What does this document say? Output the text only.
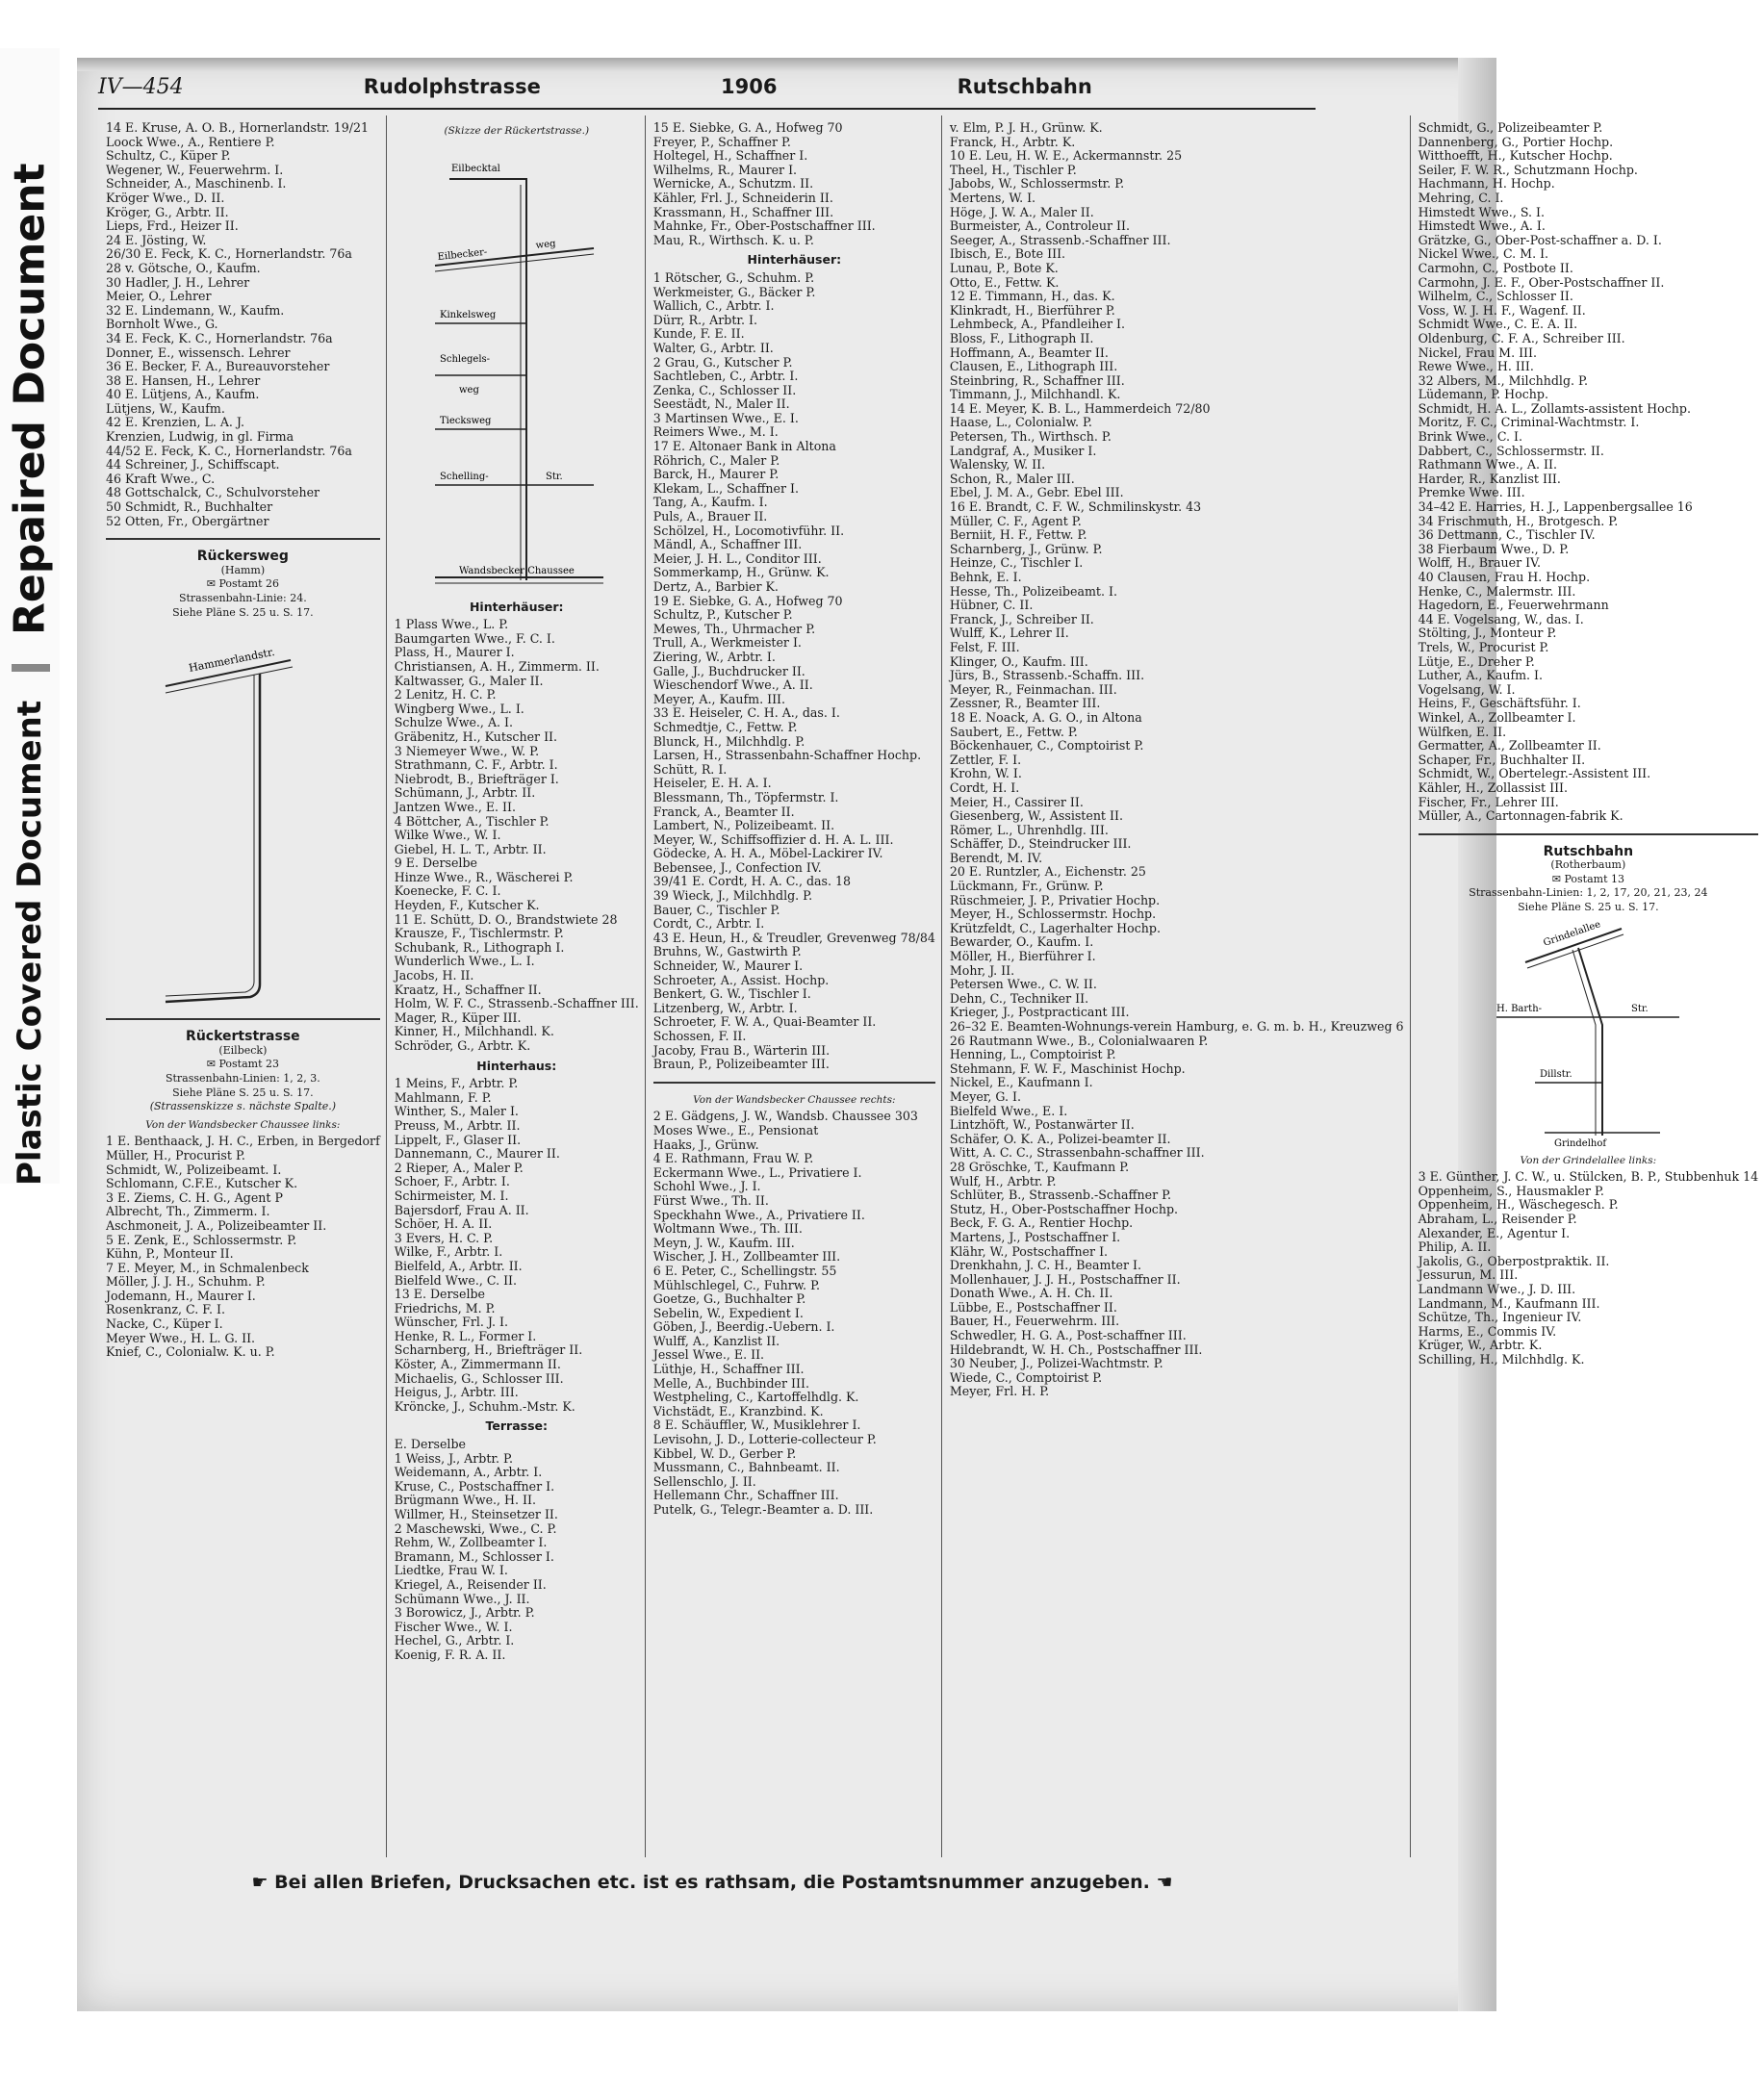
Repaired Document
Plastic Covered Document
IV—454	Rudolphstrasse	1906	Rutschbahn
14 E. Kruse, A. O. B., Hornerlandstr. 19/21
Loock Wwe., A., Rentiere P.
Schultz, C., Küper P.
Wegener, W., Feuerwehrm. I.
Schneider, A., Maschinenb. I.
Kröger Wwe., D. II.
Kröger, G., Arbtr. II.
Lieps, Frd., Heizer II.
24 E. Jösting, W.
26/30 E. Feck, K. C., Hornerlandstr. 76a
28 v. Götsche, O., Kaufm.
30 Hadler, J. H., Lehrer
Meier, O., Lehrer
32 E. Lindemann, W., Kaufm.
Bornholt Wwe., G.
34 E. Feck, K. C., Hornerlandstr. 76a
Donner, E., wissensch. Lehrer
36 E. Becker, F. A., Bureauvorsteher
38 E. Hansen, H., Lehrer
40 E. Lütjens, A., Kaufm.
Lütjens, W., Kaufm.
42 E. Krenzien, L. A. J.
Krenzien, Ludwig, in gl. Firma
44/52 E. Feck, K. C., Hornerlandstr. 76a
44 Schreiner, J., Schiffscapt.
46 Kraft Wwe., C.
48 Gottschalck, C., Schulvorsteher
50 Schmidt, R., Buchhalter
52 Otten, Fr., Obergärtner
Rückersweg
(Hamm)
✉ Postamt 26
Strassenbahn-Linie: 24.
Siehe Pläne S. 25 u. S. 17.
Hammerlandstr.
Rückertstrasse
(Eilbeck)
✉ Postamt 23
Strassenbahn-Linien: 1, 2, 3.
Siehe Pläne S. 25 u. S. 17.
(Strassenskizze s. nächste Spalte.)
Von der Wandsbecker Chaussee links:
1 E. Benthaack, J. H. C., Erben, in Bergedorf
Müller, H., Procurist P.
Schmidt, W., Polizeibeamt. I.
Schlomann, C.F.E., Kutscher K.
3 E. Ziems, C. H. G., Agent P
Albrecht, Th., Zimmerm. I.
Aschmoneit, J. A., Polizeibeamter II.
5 E. Zenk, E., Schlossermstr. P.
Kühn, P., Monteur II.
7 E. Meyer, M., in Schmalenbeck
Möller, J. J. H., Schuhm. P.
Jodemann, H., Maurer I.
Rosenkranz, C. F. I.
Nacke, C., Küper I.
Meyer Wwe., H. L. G. II.
Knief, C., Colonialw. K. u. P.
(Skizze der Rückertstrasse.)
Eilbecktal
Eilbecker-
weg
Kinkelsweg
Schlegels-
weg
Tiecksweg
Schelling-	Str.
Wandsbecker Chaussee
Hinterhäuser:
1 Plass Wwe., L. P.
Baumgarten Wwe., F. C. I.
Plass, H., Maurer I.
Christiansen, A. H., Zimmerm. II.
Kaltwasser, G., Maler II.
2 Lenitz, H. C. P.
Wingberg Wwe., L. I.
Schulze Wwe., A. I.
Gräbenitz, H., Kutscher II.
3 Niemeyer Wwe., W. P.
Strathmann, C. F., Arbtr. I.
Niebrodt, B., Briefträger I.
Schümann, J., Arbtr. II.
Jantzen Wwe., E. II.
4 Böttcher, A., Tischler P.
Wilke Wwe., W. I.
Giebel, H. L. T., Arbtr. II.
9 E. Derselbe
Hinze Wwe., R., Wäscherei P.
Koenecke, F. C. I.
Heyden, F., Kutscher K.
11 E. Schütt, D. O., Brandstwiete 28
Krausze, F., Tischlermstr. P.
Schubank, R., Lithograph I.
Wunderlich Wwe., L. I.
Jacobs, H. II.
Kraatz, H., Schaffner II.
Holm, W. F. C., Strassenb.-Schaffner III.
Mager, R., Küper III.
Kinner, H., Milchhandl. K.
Schröder, G., Arbtr. K.
Hinterhaus:
1 Meins, F., Arbtr. P.
Mahlmann, F. P.
Winther, S., Maler I.
Preuss, M., Arbtr. II.
Lippelt, F., Glaser II.
Dannemann, C., Maurer II.
2 Rieper, A., Maler P.
Schoer, F., Arbtr. I.
Schirmeister, M. I.
Bajersdorf, Frau A. II.
Schöer, H. A. II.
3 Evers, H. C. P.
Wilke, F., Arbtr. I.
Bielfeld, A., Arbtr. II.
Bielfeld Wwe., C. II.
13 E. Derselbe
Friedrichs, M. P.
Wünscher, Frl. J. I.
Henke, R. L., Former I.
Scharnberg, H., Briefträger II.
Köster, A., Zimmermann II.
Michaelis, G., Schlosser III.
Heigus, J., Arbtr. III.
Kröncke, J., Schuhm.-Mstr. K.
Terrasse:
E. Derselbe
1 Weiss, J., Arbtr. P.
Weidemann, A., Arbtr. I.
Kruse, C., Postschaffner I.
Brügmann Wwe., H. II.
Willmer, H., Steinsetzer II.
2 Maschewski, Wwe., C. P.
Rehm, W., Zollbeamter I.
Bramann, M., Schlosser I.
Liedtke, Frau W. I.
Kriegel, A., Reisender II.
Schümann Wwe., J. II.
3 Borowicz, J., Arbtr. P.
Fischer Wwe., W. I.
Hechel, G., Arbtr. I.
Koenig, F. R. A. II.
15 E. Siebke, G. A., Hofweg 70
Freyer, P., Schaffner P.
Holtegel, H., Schaffner I.
Wilhelms, R., Maurer I.
Wernicke, A., Schutzm. II.
Kähler, Frl. J., Schneiderin II.
Krassmann, H., Schaffner III.
Mahnke, Fr., Ober-Postschaffner III.
Mau, R., Wirthsch. K. u. P.
Hinterhäuser:
1 Rötscher, G., Schuhm. P.
Werkmeister, G., Bäcker P.
Wallich, C., Arbtr. I.
Dürr, R., Arbtr. I.
Kunde, F. E. II.
Walter, G., Arbtr. II.
2 Grau, G., Kutscher P.
Sachtleben, C., Arbtr. I.
Zenka, C., Schlosser II.
Seestädt, N., Maler II.
3 Martinsen Wwe., E. I.
Reimers Wwe., M. I.
17 E. Altonaer Bank in Altona
Röhrich, C., Maler P.
Barck, H., Maurer P.
Klekam, L., Schaffner I.
Tang, A., Kaufm. I.
Puls, A., Brauer II.
Schölzel, H., Locomotivführ. II.
Mändl, A., Schaffner III.
Meier, J. H. L., Conditor III.
Sommerkamp, H., Grünw. K.
Dertz, A., Barbier K.
19 E. Siebke, G. A., Hofweg 70
Schultz, P., Kutscher P.
Mewes, Th., Uhrmacher P.
Trull, A., Werkmeister I.
Ziering, W., Arbtr. I.
Galle, J., Buchdrucker II.
Wieschendorf Wwe., A. II.
Meyer, A., Kaufm. III.
33 E. Heiseler, C. H. A., das. I.
Schmedtje, C., Fettw. P.
Blunck, H., Milchhdlg. P.
Larsen, H., Strassenbahn-Schaffner Hochp.
Schütt, R. I.
Heiseler, E. H. A. I.
Blessmann, Th., Töpfermstr. I.
Franck, A., Beamter II.
Lambert, N., Polizeibeamt. II.
Meyer, W., Schiffsoffizier d. H. A. L. III.
Gödecke, A. H. A., Möbel-Lackirer IV.
Bebensee, J., Confection IV.
39/41 E. Cordt, H. A. C., das. 18
39 Wieck, J., Milchhdlg. P.
Bauer, C., Tischler P.
Cordt, C., Arbtr. I.
43 E. Heun, H., & Treudler, Grevenweg 78/84
Bruhns, W., Gastwirth P.
Schneider, W., Maurer I.
Schroeter, A., Assist. Hochp.
Benkert, G. W., Tischler I.
Litzenberg, W., Arbtr. I.
Schroeter, F. W. A., Quai-Beamter II.
Schossen, F. II.
Jacoby, Frau B., Wärterin III.
Braun, P., Polizeibeamter III.
Von der Wandsbecker Chaussee rechts:
2 E. Gädgens, J. W., Wandsb. Chaussee 303
Moses Wwe., E., Pensionat
Haaks, J., Grünw.
4 E. Rathmann, Frau W. P.
Eckermann Wwe., L., Privatiere I.
Schohl Wwe., J. I.
Fürst Wwe., Th. II.
Speckhahn Wwe., A., Privatiere II.
Woltmann Wwe., Th. III.
Meyn, J. W., Kaufm. III.
Wischer, J. H., Zollbeamter III.
6 E. Peter, C., Schellingstr. 55
Mühlschlegel, C., Fuhrw. P.
Goetze, G., Buchhalter P.
Sebelin, W., Expedient I.
Göben, J., Beerdig.-Uebern. I.
Wulff, A., Kanzlist II.
Jessel Wwe., E. II.
Lüthje, H., Schaffner III.
Melle, A., Buchbinder III.
Westpheling, C., Kartoffelhdlg. K.
Vichstädt, E., Kranzbind. K.
8 E. Schäuffler, W., Musiklehrer I.
Levisohn, J. D., Lotterie-collecteur P.
Kibbel, W. D., Gerber P.
Mussmann, C., Bahnbeamt. II.
Sellenschlo, J. II.
Hellemann Chr., Schaffner III.
Putelk, G., Telegr.-Beamter a. D. III.
v. Elm, P. J. H., Grünw. K.
Franck, H., Arbtr. K.
10 E. Leu, H. W. E., Ackermannstr. 25
Theel, H., Tischler P.
Jabobs, W., Schlossermstr. P.
Mertens, W. I.
Höge, J. W. A., Maler II.
Burmeister, A., Controleur II.
Seeger, A., Strassenb.-Schaffner III.
Ibisch, E., Bote III.
Lunau, P., Bote K.
Otto, E., Fettw. K.
12 E. Timmann, H., das. K.
Klinkradt, H., Bierführer P.
Lehmbeck, A., Pfandleiher I.
Bloss, F., Lithograph II.
Hoffmann, A., Beamter II.
Clausen, E., Lithograph III.
Steinbring, R., Schaffner III.
Timmann, J., Milchhandl. K.
14 E. Meyer, K. B. L., Hammerdeich 72/80
Haase, L., Colonialw. P.
Petersen, Th., Wirthsch. P.
Landgraf, A., Musiker I.
Walensky, W. II.
Schon, R., Maler III.
Ebel, J. M. A., Gebr. Ebel III.
16 E. Brandt, C. F. W., Schmilinskystr. 43
Müller, C. F., Agent P.
Berniit, H. F., Fettw. P.
Scharnberg, J., Grünw. P.
Heinze, C., Tischler I.
Behnk, E. I.
Hesse, Th., Polizeibeamt. I.
Hübner, C. II.
Franck, J., Schreiber II.
Wulff, K., Lehrer II.
Felst, F. III.
Klinger, O., Kaufm. III.
Jürs, B., Strassenb.-Schaffn. III.
Meyer, R., Feinmachan. III.
Zessner, R., Beamter III.
18 E. Noack, A. G. O., in Altona
Saubert, E., Fettw. P.
Böckenhauer, C., Comptoirist P.
Zettler, F. I.
Krohn, W. I.
Cordt, H. I.
Meier, H., Cassirer II.
Giesenberg, W., Assistent II.
Römer, L., Uhrenhdlg. III.
Schäffer, D., Steindrucker III.
Berendt, M. IV.
20 E. Runtzler, A., Eichenstr. 25
Lückmann, Fr., Grünw. P.
Rüschmeier, J. P., Privatier Hochp.
Meyer, H., Schlossermstr. Hochp.
Krützfeldt, C., Lagerhalter Hochp.
Bewarder, O., Kaufm. I.
Möller, H., Bierführer I.
Mohr, J. II.
Petersen Wwe., C. W. II.
Dehn, C., Techniker II.
Krieger, J., Postpracticant III.
26–32 E. Beamten-Wohnungs-verein Hamburg, e. G. m. b. H., Kreuzweg 6
26 Rautmann Wwe., B., Colonialwaaren P.
Henning, L., Comptoirist P.
Stehmann, F. W. F., Maschinist Hochp.
Nickel, E., Kaufmann I.
Meyer, G. I.
Bielfeld Wwe., E. I.
Lintzhöft, W., Postanwärter II.
Schäfer, O. K. A., Polizei-beamter II.
Witt, A. C. C., Strassenbahn-schaffner III.
28 Gröschke, T., Kaufmann P.
Wulf, H., Arbtr. P.
Schlüter, B., Strassenb.-Schaffner P.
Stutz, H., Ober-Postschaffner Hochp.
Beck, F. G. A., Rentier Hochp.
Martens, J., Postschaffner I.
Klähr, W., Postschaffner I.
Drenkhahn, J. C. H., Beamter I.
Mollenhauer, J. J. H., Postschaffner II.
Donath Wwe., A. H. Ch. II.
Lübbe, E., Postschaffner II.
Bauer, H., Feuerwehrm. III.
Schwedler, H. G. A., Post-schaffner III.
Hildebrandt, W. H. Ch., Postschaffner III.
30 Neuber, J., Polizei-Wachtmstr. P.
Wiede, C., Comptoirist P.
Meyer, Frl. H. P.
Schmidt, G., Polizeibeamter P.
Dannenberg, G., Portier Hochp.
Witthoefft, H., Kutscher Hochp.
Seiler, F. W. R., Schutzmann Hochp.
Hachmann, H. Hochp.
Mehring, C. I.
Himstedt Wwe., S. I.
Himstedt Wwe., A. I.
Grätzke, G., Ober-Post-schaffner a. D. I.
Nickel Wwe., C. M. I.
Carmohn, C., Postbote II.
Carmohn, J. E. F., Ober-Postschaffner II.
Wilhelm, C., Schlosser II.
Voss, W. J. H. F., Wagenf. II.
Schmidt Wwe., C. E. A. II.
Oldenburg, C. F. A., Schreiber III.
Nickel, Frau M. III.
Rewe Wwe., H. III.
32 Albers, M., Milchhdlg. P.
Lüdemann, P. Hochp.
Schmidt, H. A. L., Zollamts-assistent Hochp.
Moritz, F. C., Criminal-Wachtmstr. I.
Brink Wwe., C. I.
Dabbert, C., Schlossermstr. II.
Rathmann Wwe., A. II.
Harder, R., Kanzlist III.
Premke Wwe. III.
34–42 E. Harries, H. J., Lappenbergsallee 16
34 Frischmuth, H., Brotgesch. P.
36 Dettmann, C., Tischler IV.
38 Fierbaum Wwe., D. P.
Wolff, H., Brauer IV.
40 Clausen, Frau H. Hochp.
Henke, C., Malermstr. III.
Hagedorn, E., Feuerwehrmann
44 E. Vogelsang, W., das. I.
Stölting, J., Monteur P.
Trels, W., Procurist P.
Lütje, E., Dreher P.
Luther, A., Kaufm. I.
Vogelsang, W. I.
Heins, F., Geschäftsführ. I.
Winkel, A., Zollbeamter I.
Wülfken, E. II.
Germatter, A., Zollbeamter II.
Schaper, Fr., Buchhalter II.
Schmidt, W., Obertelegr.-Assistent III.
Kähler, H., Zollassist III.
Fischer, Fr., Lehrer III.
Müller, A., Cartonnagen-fabrik K.
Rutschbahn
(Rotherbaum)
✉ Postamt 13
Strassenbahn-Linien: 1, 2, 17, 20, 21, 23, 24
Siehe Pläne S. 25 u. S. 17.
Grindelallee
H. Barth-	Str.
Dillstr.
Grindelhof
Von der Grindelallee links:
3 E. Günther, J. C. W., u. Stülcken, B. P., Stubbenhuk 14
Oppenheim, S., Hausmakler P.
Oppenheim, H., Wäschegesch. P.
Abraham, L., Reisender P.
Alexander, E., Agentur I.
Philip, A. II.
Jakolis, G., Oberpostpraktik. II.
Jessurun, M. III.
Landmann Wwe., J. D. III.
Landmann, M., Kaufmann III.
Schütze, Th., Ingenieur IV.
Harms, E., Commis IV.
Krüger, W., Arbtr. K.
Schilling, H., Milchhdlg. K.
☛ Bei allen Briefen, Drucksachen etc. ist es rathsam, die Postamtsnummer anzugeben. ☚
